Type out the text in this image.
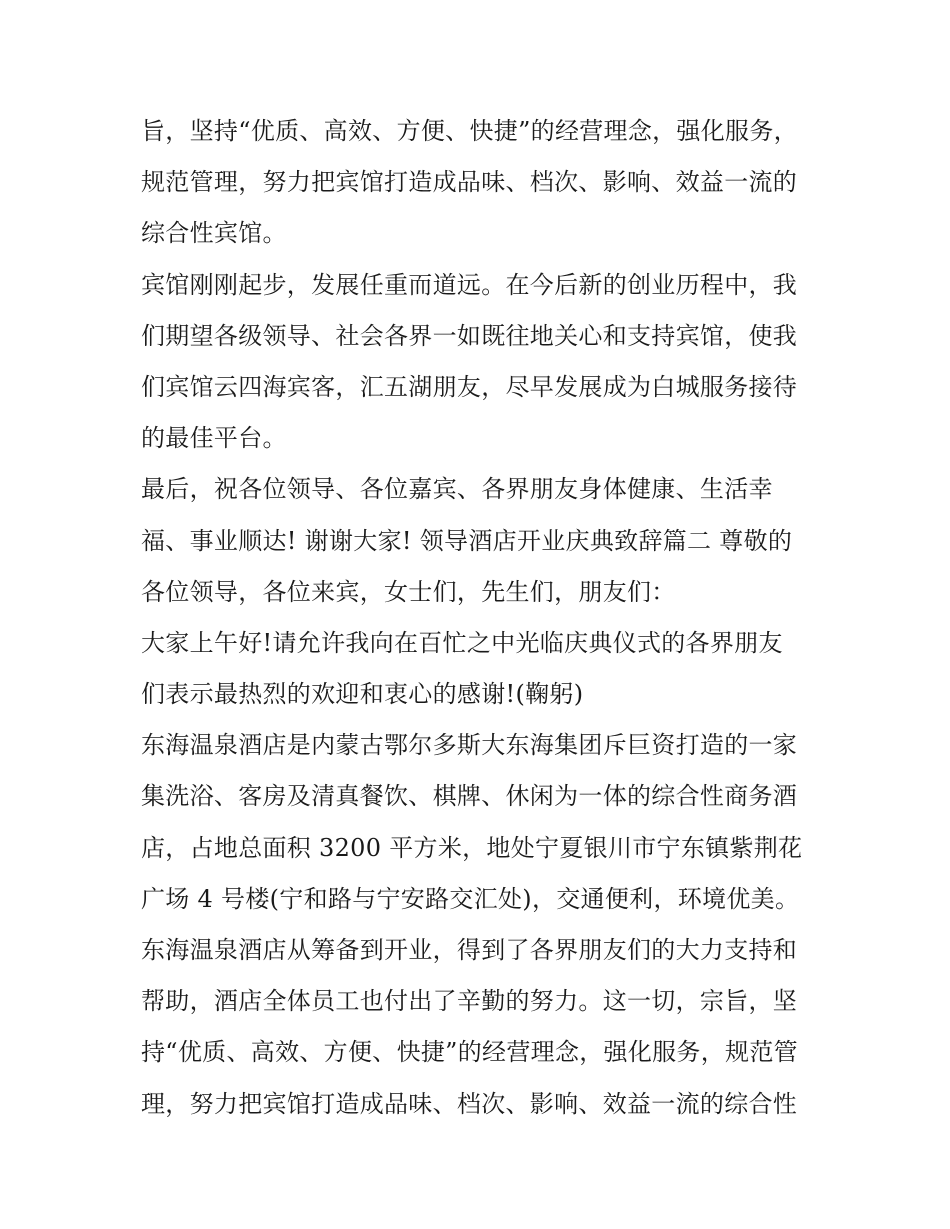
旨，坚持“优质、高效、方便、快捷”的经营理念，强化服务，
规范管理，努力把宾馆打造成品味、档次、影响、效益一流的
综合性宾馆。
宾馆刚刚起步，发展任重而道远。在今后新的创业历程中，我
们期望各级领导、社会各界一如既往地关心和支持宾馆，使我
们宾馆云四海宾客，汇五湖朋友，尽早发展成为白城服务接待
的最佳平台。
最后，祝各位领导、各位嘉宾、各界朋友身体健康、生活幸
福、事业顺达! 谢谢大家! 领导酒店开业庆典致辞篇二 尊敬的
各位领导，各位来宾，女士们，先生们，朋友们：
大家上午好!请允许我向在百忙之中光临庆典仪式的各界朋友
们表示最热烈的欢迎和衷心的感谢!(鞠躬)
东海温泉酒店是内蒙古鄂尔多斯大东海集团斥巨资打造的一家
集洗浴、客房及清真餐饮、棋牌、休闲为一体的综合性商务酒
店，占地总面积 3200 平方米，地处宁夏银川市宁东镇紫荆花
广场 4 号楼(宁和路与宁安路交汇处)，交通便利，环境优美。
东海温泉酒店从筹备到开业，得到了各界朋友们的大力支持和
帮助，酒店全体员工也付出了辛勤的努力。这一切，宗旨，坚
持“优质、高效、方便、快捷”的经营理念，强化服务，规范管
理，努力把宾馆打造成品味、档次、影响、效益一流的综合性
